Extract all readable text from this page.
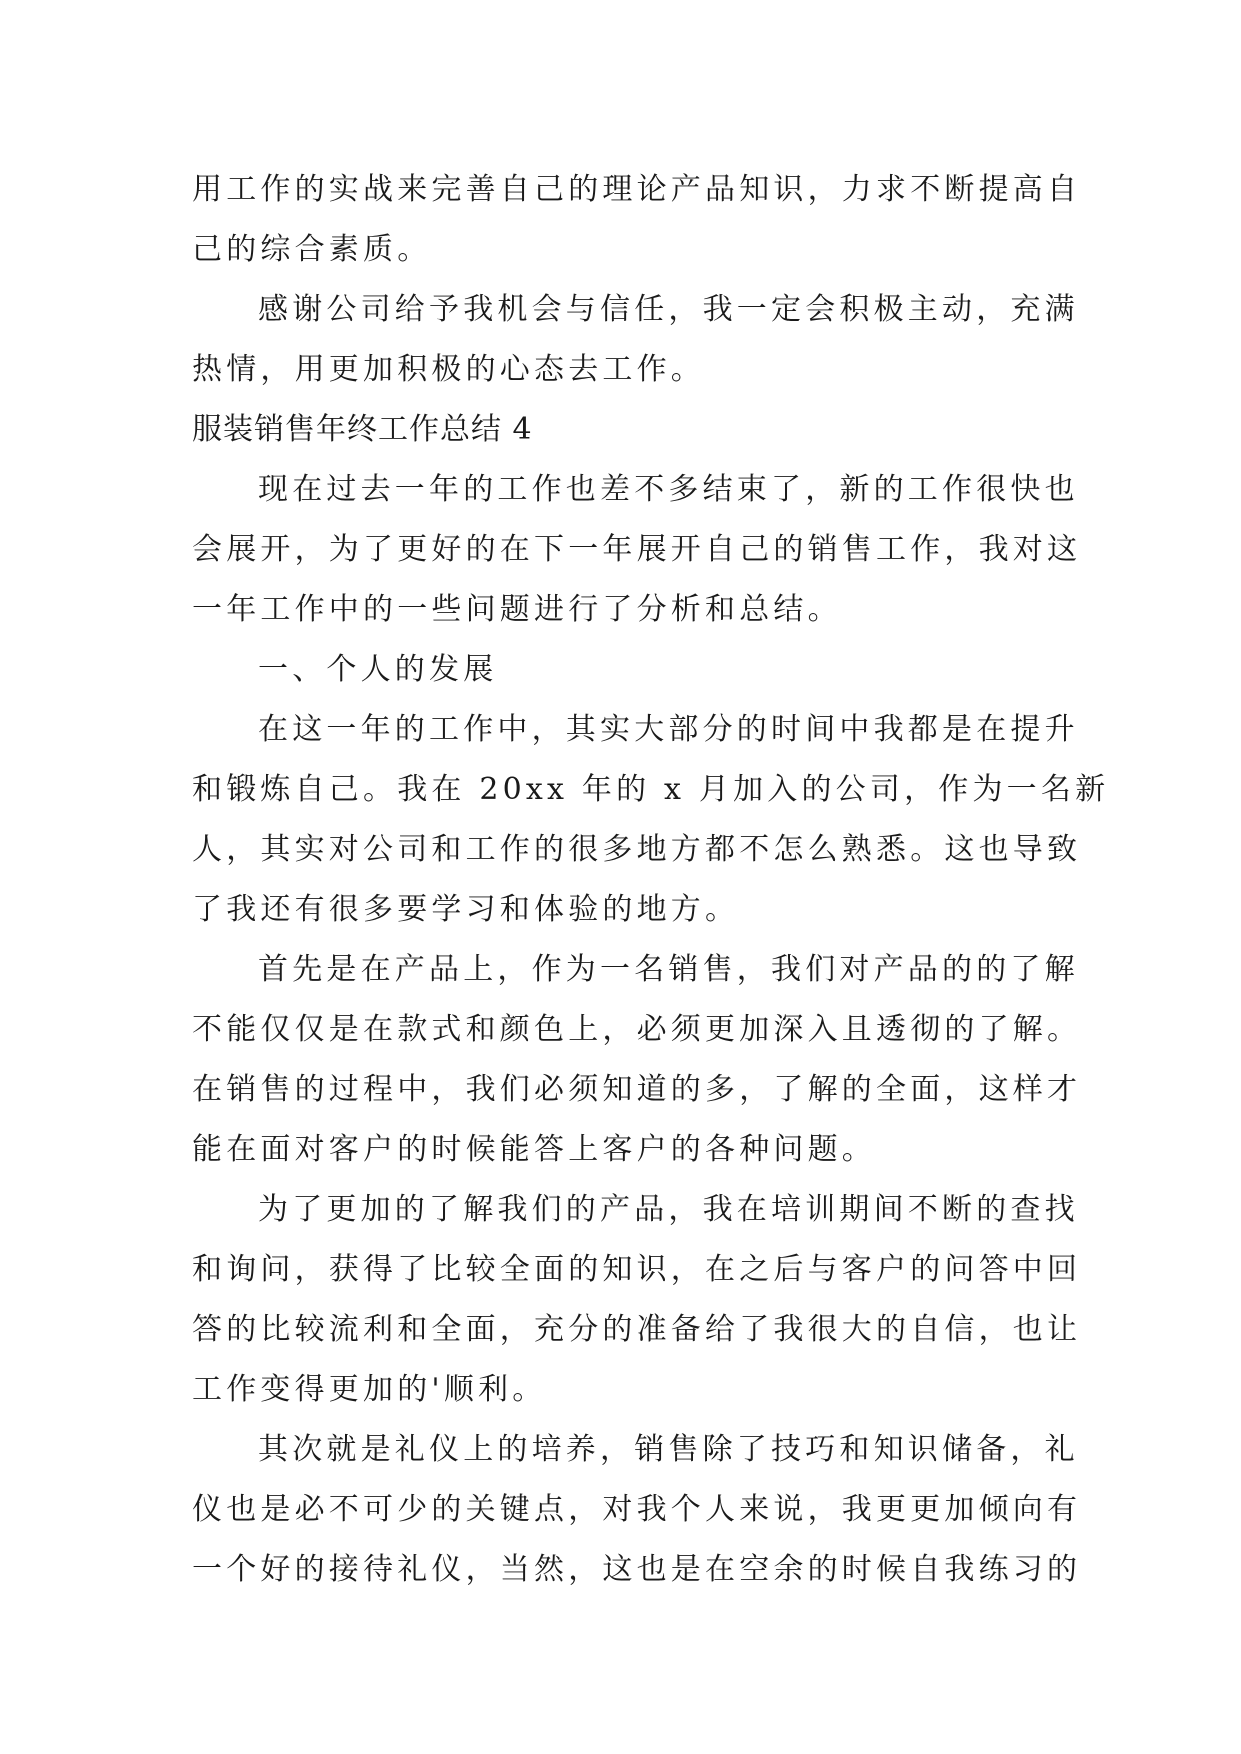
用工作的实战来完善自己的理论产品知识，力求不断提高自
己的综合素质。
感谢公司给予我机会与信任，我一定会积极主动，充满
热情，用更加积极的心态去工作。
服装销售年终工作总结 4
现在过去一年的工作也差不多结束了，新的工作很快也
会展开，为了更好的在下一年展开自己的销售工作，我对这
一年工作中的一些问题进行了分析和总结。
一、个人的发展
在这一年的工作中，其实大部分的时间中我都是在提升
和锻炼自己。我在 20xx 年的 x 月加入的公司，作为一名新
人，其实对公司和工作的很多地方都不怎么熟悉。这也导致
了我还有很多要学习和体验的地方。
首先是在产品上，作为一名销售，我们对产品的的了解
不能仅仅是在款式和颜色上，必须更加深入且透彻的了解。
在销售的过程中，我们必须知道的多，了解的全面，这样才
能在面对客户的时候能答上客户的各种问题。
为了更加的了解我们的产品，我在培训期间不断的查找
和询问，获得了比较全面的知识，在之后与客户的问答中回
答的比较流利和全面，充分的准备给了我很大的自信，也让
工作变得更加的'顺利。
其次就是礼仪上的培养，销售除了技巧和知识储备，礼
仪也是必不可少的关键点，对我个人来说，我更更加倾向有
一个好的接待礼仪，当然，这也是在空余的时候自我练习的
